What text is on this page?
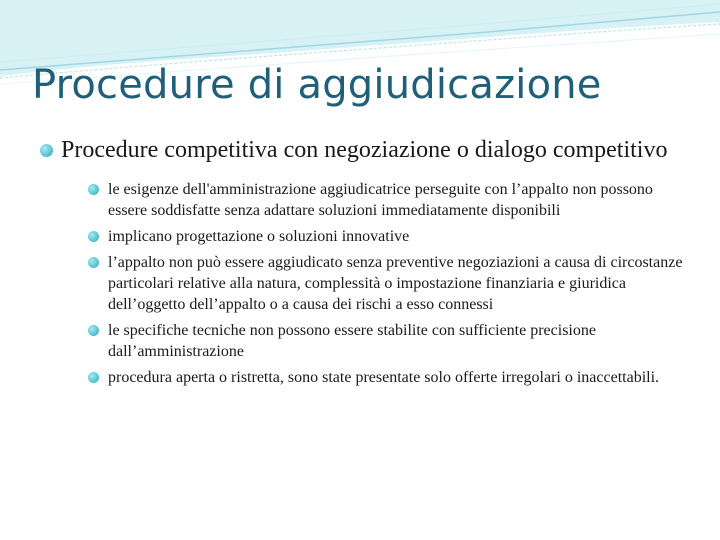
Procedure di aggiudicazione
Procedure competitiva con negoziazione o dialogo competitivo
le esigenze dell'amministrazione aggiudicatrice perseguite con l’appalto non possono essere soddisfatte senza adattare soluzioni immediatamente disponibili
implicano progettazione o soluzioni innovative
l’appalto non può essere aggiudicato senza preventive negoziazioni a causa di circostanze particolari relative alla natura, complessità o impostazione finanziaria e giuridica dell’oggetto dell’appalto o a causa dei rischi a esso connessi
le specifiche tecniche non possono essere stabilite con sufficiente precisione dall’amministrazione
procedura aperta o ristretta, sono state presentate solo offerte irregolari o inaccettabili.
